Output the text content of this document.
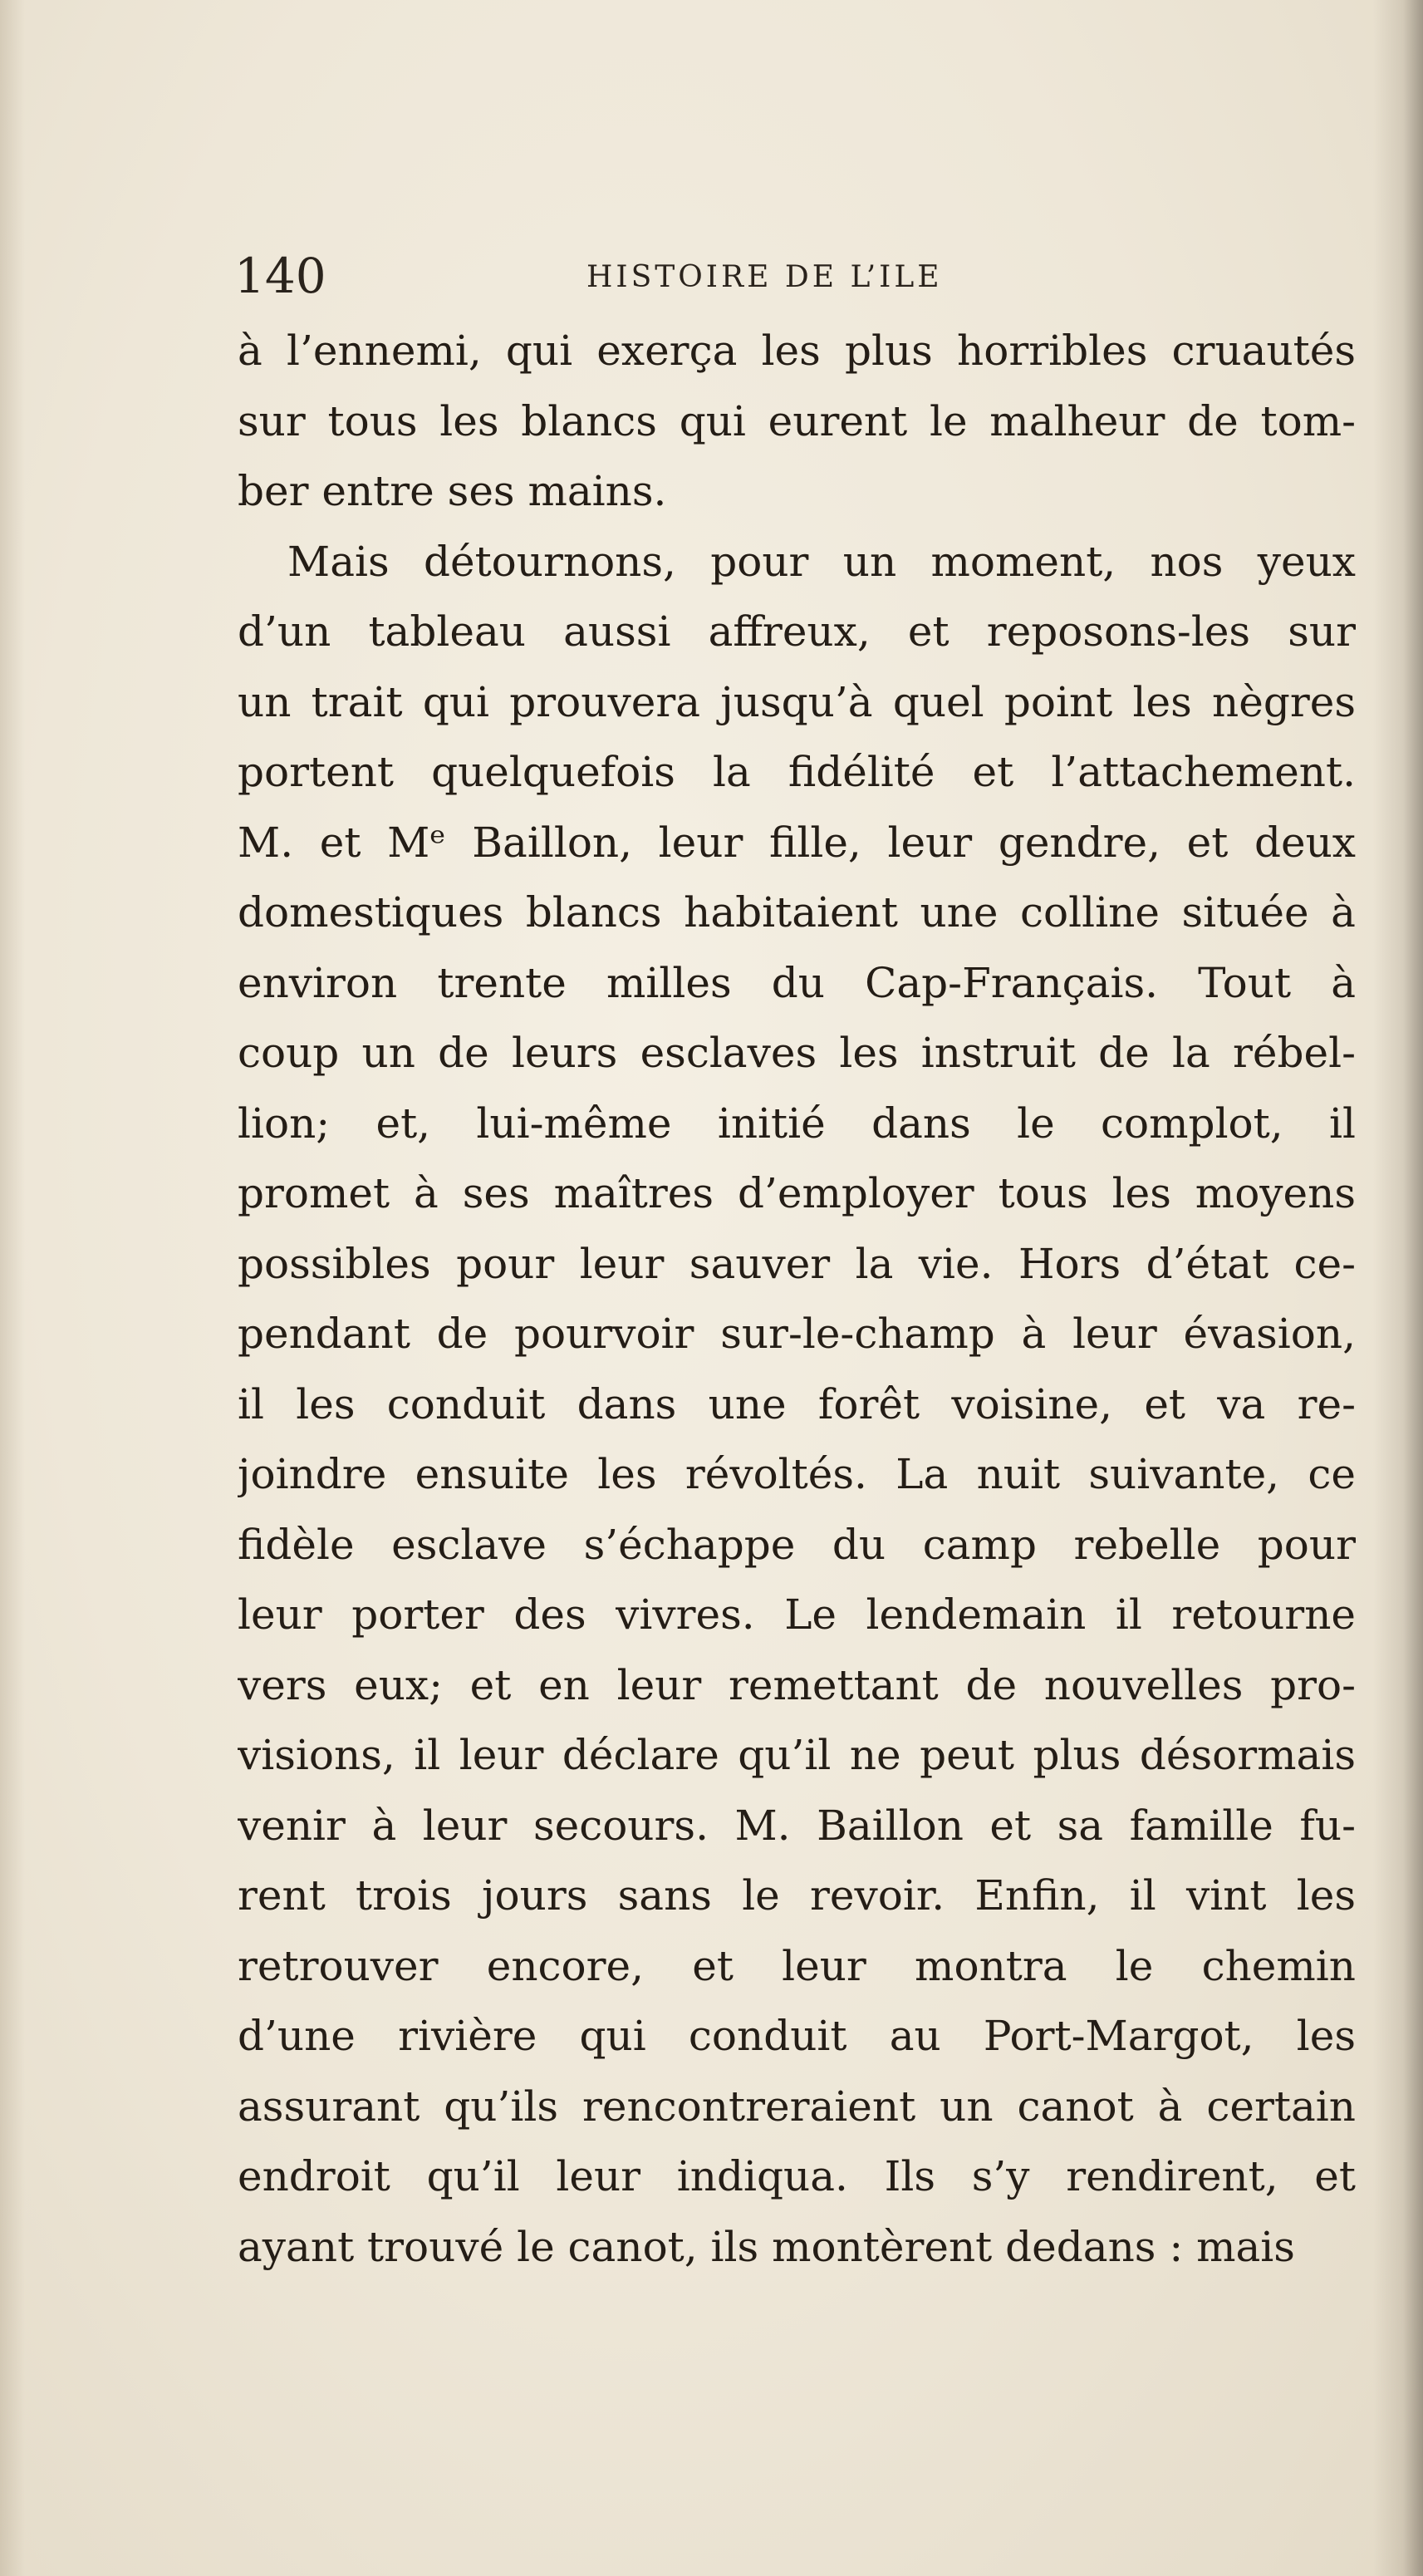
140	HISTOIRE DE L’ILE
à l’ennemi, qui exerça les plus horribles cruautés
sur tous les blancs qui eurent le malheur de tom-
ber entre ses mains.
Mais détournons, pour un moment, nos yeux
d’un tableau aussi affreux, et reposons-les sur
un trait qui prouvera jusqu’à quel point les nègres
portent quelquefois la fidélité et l’attachement.
M. et Mᵉ Baillon, leur fille, leur gendre, et deux
domestiques blancs habitaient une colline située à
environ trente milles du Cap-Français. Tout à
coup un de leurs esclaves les instruit de la rébel-
lion; et, lui-même initié dans le complot, il
promet à ses maîtres d’employer tous les moyens
possibles pour leur sauver la vie. Hors d’état ce-
pendant de pourvoir sur-le-champ à leur évasion,
il les conduit dans une forêt voisine, et va re-
joindre ensuite les révoltés. La nuit suivante, ce
fidèle esclave s’échappe du camp rebelle pour
leur porter des vivres. Le lendemain il retourne
vers eux; et en leur remettant de nouvelles pro-
visions, il leur déclare qu’il ne peut plus désormais
venir à leur secours. M. Baillon et sa famille fu-
rent trois jours sans le revoir. Enfin, il vint les
retrouver encore, et leur montra le chemin
d’une rivière qui conduit au Port-Margot, les
assurant qu’ils rencontreraient un canot à certain
endroit qu’il leur indiqua. Ils s’y rendirent, et
ayant trouvé le canot, ils montèrent dedans : mais
